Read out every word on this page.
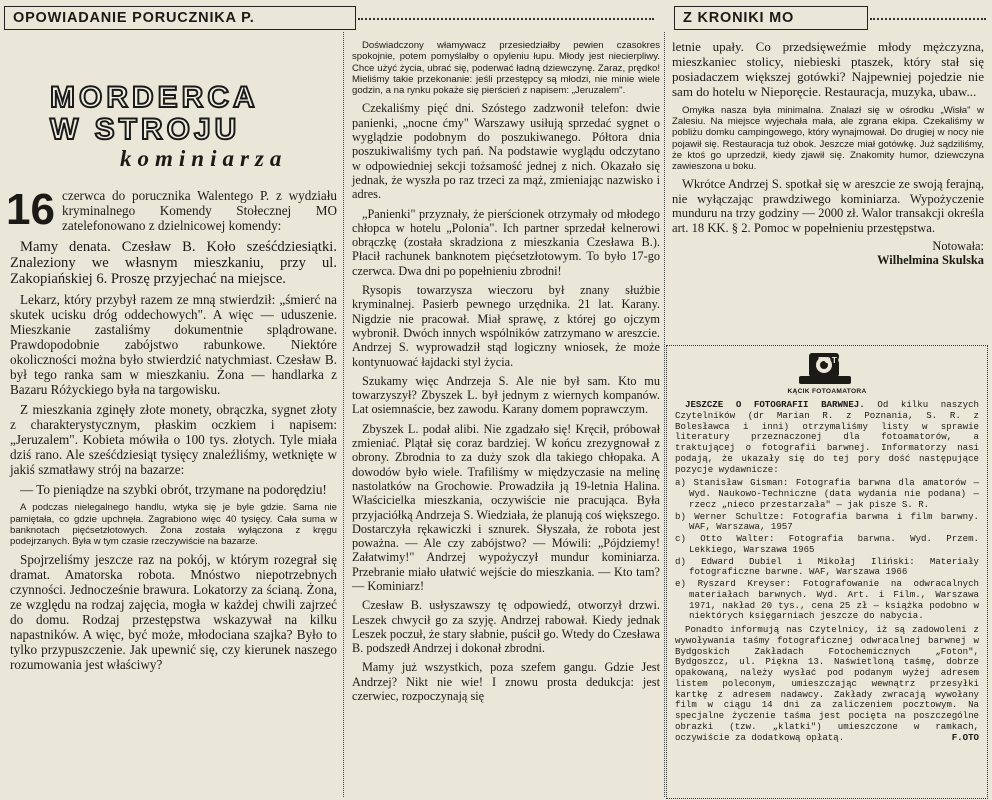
OPOWIADANIE PORUCZNIKA P.	Z KRONIKI MO
MORDERCA
W STROJU
kominiarza
16 czerwca do porucznika Walentego P. z wydziału kryminalnego Komendy Stołecznej MO zatelefonowano z dzielnicowej komendy:

Mamy denata. Czesław B. Koło sześćdziesiątki. Znaleziony we własnym mieszkaniu, przy ul. Zakopiańskiej 6. Proszę przyjechać na miejsce.

Lekarz, który przybył razem ze mną stwierdził: „śmierć na skutek ucisku dróg oddechowych". A więc — uduszenie. Mieszkanie zastaliśmy dokumentnie splądrowane. Prawdopodobnie zabójstwo rabunkowe. Niektóre okoliczności można było stwierdzić natychmiast. Czesław B. był tego ranka sam w mieszkaniu. Żona — handlarka z Bazaru Różyckiego była na targowisku.

Z mieszkania zginęły złote monety, obrączka, sygnet złoty z charakterystycznym, płaskim oczkiem i napisem: „Jeruzalem". Kobieta mówiła o 100 tys. złotych. Tyle miała dziś rano. Ale sześćdziesiąt tysięcy znaleźliśmy, wetknięte w jakiś szmatławy strój na bazarze:

— To pieniądze na szybki obrót, trzymane na podorędziu!

A podczas nielegalnego handlu, wtyka się je byle gdzie. Sama nie pamiętała, co gdzie upchnęła. Zagrabiono więc 40 tysięcy. Cała suma w banknotach pięćsetzłotowych. Żona została wyłączona z kręgu podejrzanych. Była w tym czasie rzeczywiście na bazarze.

Spojrzeliśmy jeszcze raz na pokój, w którym rozegrał się dramat. Amatorska robota. Mnóstwo niepotrzebnych czynności. Jednocześnie brawura. Lokatorzy za ścianą. Żona, ze względu na rodzaj zajęcia, mogła w każdej chwili zajrzeć do domu. Rodzaj przestępstwa wskazywał na kilku napastników. A więc, być może, młodociana szajka? Było to tylko przypuszczenie. Jak upewnić się, czy kierunek naszego rozumowania jest właściwy?

Doświadczony włamywacz przesiedziałby pewien czasokres spokojnie, potem pomyślałby o opyleniu łupu. Młody jest niecierpliwy. Chce użyć życia, ubrać się, poderwać ładną dziewczynę. Zaraz, prędko! Mieliśmy takie przekonanie: jeśli przestępcy są młodzi, nie minie wiele godzin, a na rynku pokaże się pierścień z napisem: „Jeruzalem".

Czekaliśmy pięć dni. Szóstego zadzwonił telefon: dwie panienki, „nocne ćmy" Warszawy usiłują sprzedać sygnet o wyglądzie podobnym do poszukiwanego. Półtora dnia poszukiwaliśmy tych pań. Na podstawie wyglądu odczytano w odpowiedniej sekcji tożsamość jednej z nich. Okazało się jednak, że wyszła po raz trzeci za mąż, zmieniając nazwisko i adres.

„Panienki" przyznały, że pierścionek otrzymały od młodego chłopca w hotelu „Polonia". Ich partner sprzedał kelnerowi obrączkę (została skradziona z mieszkania Czesława B.). Płacił rachunek banknotem pięćsetzłotowym. To było 17-go czerwca. Dwa dni po popełnieniu zbrodni!

Rysopis towarzysza wieczoru był znany służbie kryminalnej. Pasierb pewnego urzędnika. 21 lat. Karany. Nigdzie nie pracował. Miał sprawę, z której go ojczym wybronił. Dwóch innych wspólników zatrzymano w areszcie. Andrzej S. wyprowadził stąd logiczny wniosek, że może kontynuować łajdacki styl życia.

Szukamy więc Andrzeja S. Ale nie był sam. Kto mu towarzyszył? Zbyszek L. był jednym z wiernych kompanów. Lat osiemnaście, bez zawodu. Karany domem poprawczym.

Zbyszek L. podał alibi. Nie zgadzało się! Kręcił, próbował zmieniać. Plątał się coraz bardziej. W końcu zrezygnował z obrony. Zbrodnia to za duży szok dla takiego chłopaka. A dowodów było wiele. Trafiliśmy w międzyczasie na melinę nastolatków na Grochowie. Prowadziła ją 19-letnia Halina. Właścicielka mieszkania, oczywiście nie pracująca. Była przyjaciółką Andrzeja S. Wiedziała, że planują coś większego. Dostarczyła rękawiczki i sznurek. Słyszała, że robota jest poważna. — Ale czy zabójstwo? — Mówili: „Pójdziemy! Załatwimy!" Andrzej wypożyczył mundur kominiarza. Przebranie miało ułatwić wejście do mieszkania. — Kto tam? — Kominiarz!

Czesław B. usłyszawszy tę odpowiedź, otworzył drzwi. Leszek chwycił go za szyję. Andrzej rabował. Kiedy jednak Leszek poczuł, że stary słabnie, puścił go. Wtedy do Czesława B. podszedł Andrzej i dokonał zbrodni.

Mamy już wszystkich, poza szefem gangu. Gdzie Jest Andrzej? Nikt nie wie! I znowu prosta dedukcja: jest czerwiec, rozpoczynają się

letnie upały. Co przedsięweźmie młody mężczyzna, mieszkaniec stolicy, niebieski ptaszek, który stał się posiadaczem większej gotówki? Najpewniej pojedzie nie sam do hotelu w Nieporęcie. Restauracja, muzyka, ubaw...

Omyłka nasza była minimalna. Znalazł się w ośrodku „Wisła" w Zalesiu. Na miejsce wyjechała mała, ale zgrana ekipa. Czekaliśmy w pobliżu domku campingowego, który wynajmował. Do drugiej w nocy nie pojawił się. Restauracja tuż obok. Jeszcze miał gotówkę. Już sądziliśmy, że ktoś go uprzedził, kiedy zjawił się. Znakomity humor, dziewczyna zawieszona u boku.

Wkrótce Andrzej S. spotkał się w areszcie ze swoją ferajną, nie wyłączając prawdziwego kominiarza. Wypożyczenie munduru na trzy godziny — 2000 zł. Walor transakcji określa art. 18 KK. § 2. Pomoc w popełnieniu przestępstwa.

Notowała:

Wilhelmina Skulska

FOTO
KĄCIK FOTOAMATORA

JESZCZE O FOTOGRAFII BARWNEJ. Od kilku naszych Czytelników (dr Marian R. z Poznania, S. R. z Bolesławca i inni) otrzymaliśmy listy w sprawie literatury przeznaczonej dla fotoamatorów, a traktującej o fotografii barwnej. Informatorzy nasi podają, że ukazały się do tej pory dość następujące pozycje wydawnicze:

a) Stanisław Gisman: Fotografia barwna dla amatorów — Wyd. Naukowo-Techniczne (data wydania nie podana) — rzecz „nieco przestarzała" — jak pisze S. R.

b) Werner Schultze: Fotografia barwna i film barwny. WAF, Warszawa, 1957

c) Otto Walter: Fotografia barwna. Wyd. Przem. Lekkiego, Warszawa 1965

d) Edward Dubiel i Mikołaj Iliński: Materiały fotograficzne barwne. WAF, Warszawa 1966

e) Ryszard Kreyser: Fotografowanie na odwracalnych materiałach barwnych. Wyd. Art. i Film., Warszawa 1971, nakład 20 tys., cena 25 zł — książka podobno w niektórych księgarniach jeszcze do nabycia.

Ponadto informują nas Czytelnicy, iż są zadowoleni z wywoływania taśmy fotograficznej odwracalnej barwnej w Bydgoskich Zakładach Fotochemicznych „Foton", Bydgoszcz, ul. Piękna 13. Naświetloną taśmę, dobrze opakowaną, należy wysłać pod podanym wyżej adresem listem poleconym, umieszczając wewnątrz przesyłki kartkę z adresem nadawcy. Zakłady zwracają wywołany film w ciągu 14 dni za zaliczeniem pocztowym. Na specjalne życzenie taśma jest pocięta na poszczególne obrazki (tzw. „klatki") umieszczone w ramkach, oczywiście za dodatkową opłatą.	F.OTO
